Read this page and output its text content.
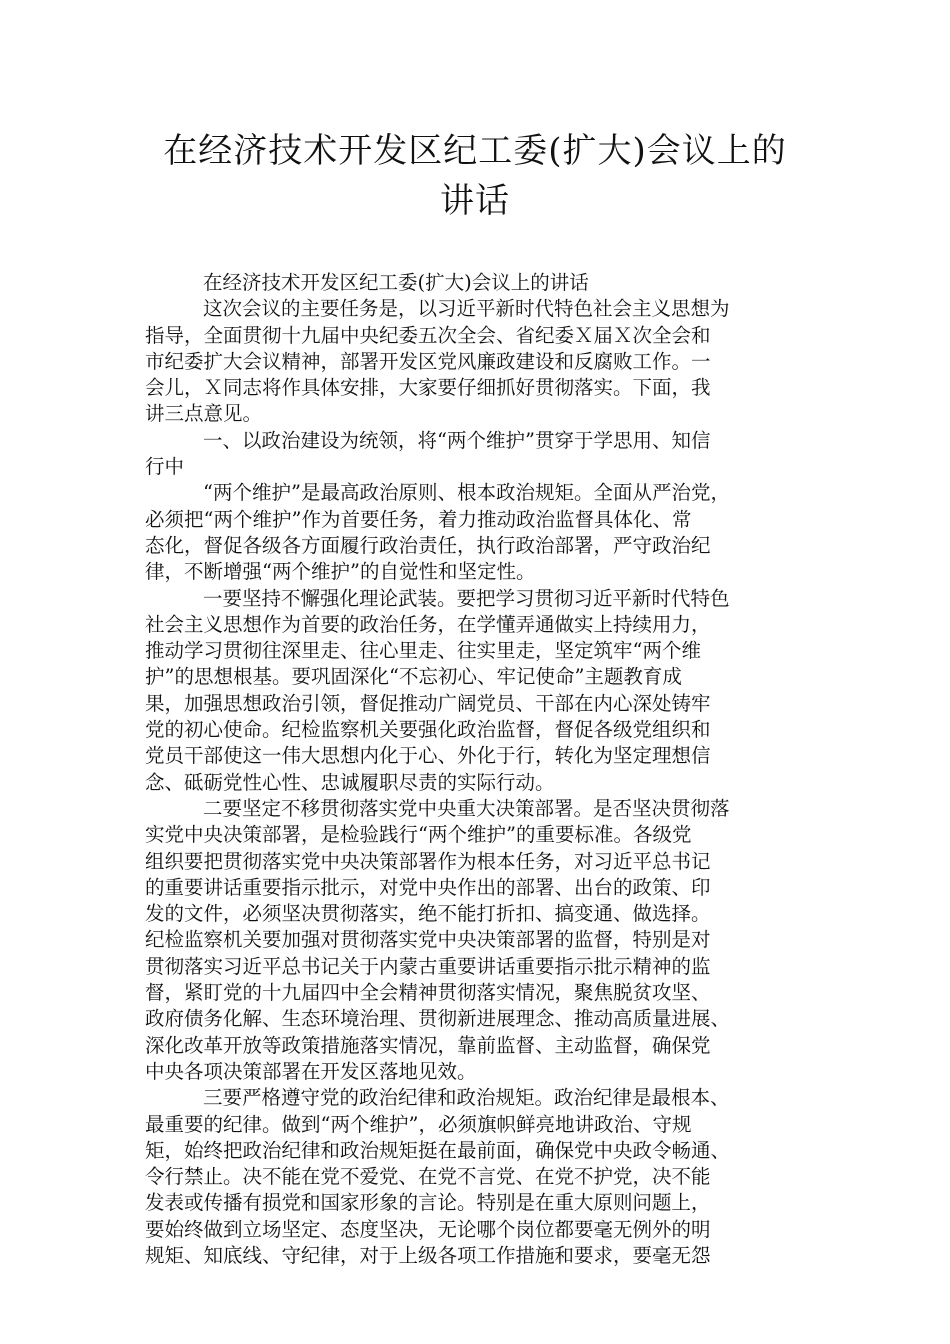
在经济技术开发区纪工委(扩大)会议上的
讲话
在经济技术开发区纪工委(扩大)会议上的讲话
这次会议的主要任务是，以习近平新时代特色社会主义思想为
指导，全面贯彻十九届中央纪委五次全会、省纪委Ｘ届Ｘ次全会和
市纪委扩大会议精神，部署开发区党风廉政建设和反腐败工作。一
会儿，Ｘ同志将作具体安排，大家要仔细抓好贯彻落实。下面，我
讲三点意见。
一、以政治建设为统领，将“两个维护”贯穿于学思用、知信
行中
“两个维护”是最高政治原则、根本政治规矩。全面从严治党，
必须把“两个维护”作为首要任务，着力推动政治监督具体化、常
态化，督促各级各方面履行政治责任，执行政治部署，严守政治纪
律，不断增强“两个维护”的自觉性和坚定性。
一要坚持不懈强化理论武装。要把学习贯彻习近平新时代特色
社会主义思想作为首要的政治任务，在学懂弄通做实上持续用力，
推动学习贯彻往深里走、往心里走、往实里走，坚定筑牢“两个维
护”的思想根基。要巩固深化“不忘初心、牢记使命”主题教育成
果，加强思想政治引领，督促推动广阔党员、干部在内心深处铸牢
党的初心使命。纪检监察机关要强化政治监督，督促各级党组织和
党员干部使这一伟大思想内化于心、外化于行，转化为坚定理想信
念、砥砺党性心性、忠诚履职尽责的实际行动。
二要坚定不移贯彻落实党中央重大决策部署。是否坚决贯彻落
实党中央决策部署，是检验践行“两个维护”的重要标准。各级党
组织要把贯彻落实党中央决策部署作为根本任务，对习近平总书记
的重要讲话重要指示批示，对党中央作出的部署、出台的政策、印
发的文件，必须坚决贯彻落实，绝不能打折扣、搞变通、做选择。
纪检监察机关要加强对贯彻落实党中央决策部署的监督，特别是对
贯彻落实习近平总书记关于内蒙古重要讲话重要指示批示精神的监
督，紧盯党的十九届四中全会精神贯彻落实情况，聚焦脱贫攻坚、
政府债务化解、生态环境治理、贯彻新进展理念、推动高质量进展、
深化改革开放等政策措施落实情况，靠前监督、主动监督，确保党
中央各项决策部署在开发区落地见效。
三要严格遵守党的政治纪律和政治规矩。政治纪律是最根本、
最重要的纪律。做到“两个维护”，必须旗帜鲜亮地讲政治、守规
矩，始终把政治纪律和政治规矩挺在最前面，确保党中央政令畅通、
令行禁止。决不能在党不爱党、在党不言党、在党不护党，决不能
发表或传播有损党和国家形象的言论。特别是在重大原则问题上，
要始终做到立场坚定、态度坚决，无论哪个岗位都要毫无例外的明
规矩、知底线、守纪律，对于上级各项工作措施和要求，要毫无怨
